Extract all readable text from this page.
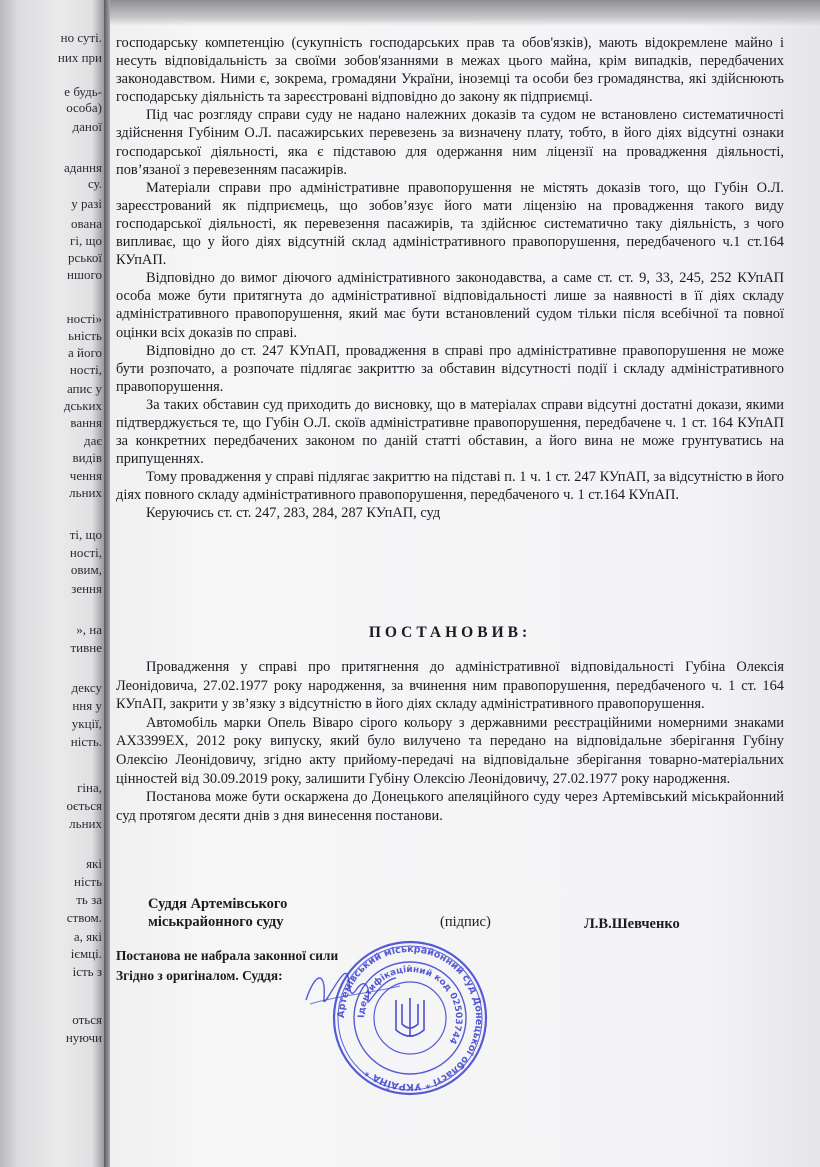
но суті.
них при
е будь-
особа)
даної
адання
су.
у разі
ована
гі, що
рської
ншого
ності»
ьність
а його
ності,
апис у
дських
вання
дає
видів
чення
льних
ті, що
ності,
овим,
зення
», на
тивне
дексу
ння у
укції,
ність.
гіна,
оється
льних
які
ність
ть за
ством.
а, які
іємці.
ість з
оться
нуючи

господарську компетенцію (сукупність господарських прав та обов'язків), мають відокремлене майно і несуть відповідальність за своїми зобов'язаннями в межах цього майна, крім випадків, передбачених законодавством. Ними є, зокрема, громадяни України, іноземці та особи без громадянства, які здійснюють господарську діяльність та зареєстровані відповідно до закону як підприємці.

Під час розгляду справи суду не надано належних доказів та судом не встановлено систематичності здійснення Губіним О.Л. пасажирських перевезень за визначену плату, тобто, в його діях відсутні ознаки господарської діяльності, яка є підставою для одержання ним ліцензії на провадження діяльності, пов’язаної з перевезенням пасажирів.

Матеріали справи про адміністративне правопорушення не містять доказів того, що Губін О.Л. зареєстрований як підприємець, що зобов’язує його мати ліцензію на провадження такого виду господарської діяльності, як перевезення пасажирів, та здійснює систематично таку діяльність, з чого випливає, що у його діях відсутній склад адміністративного правопорушення, передбаченого ч.1 ст.164 КУпАП.

Відповідно до вимог діючого адміністративного законодавства, а саме ст. ст. 9, 33, 245, 252 КУпАП особа може бути притягнута до адміністративної відповідальності лише за наявності в її діях складу адміністративного правопорушення, який має бути встановлений судом тільки після всебічної та повної оцінки всіх доказів по справі.

Відповідно до ст. 247 КУпАП, провадження в справі про адміністративне правопорушення не може бути розпочато, а розпочате підлягає закриттю за обставин відсутності події і складу адміністративного правопорушення.

За таких обставин суд приходить до висновку, що в матеріалах справи відсутні достатні докази, якими підтверджується те, що Губін О.Л. скоїв адміністративне правопорушення, передбачене ч. 1 ст. 164 КУпАП за конкретних передбачених законом по даній статті обставин, а його вина не може грунтуватись на припущеннях.

Тому провадження у справі підлягає закриттю на підставі п. 1 ч. 1 ст. 247 КУпАП, за відсутністю в його діях повного складу адміністративного правопорушення, передбаченого ч. 1 ст.164 КУпАП.

Керуючись ст. ст. 247, 283, 284, 287 КУпАП, суд

ПОСТАНОВИВ:

Провадження у справі про притягнення до адміністративної відповідальності Губіна Олексія Леонідовича, 27.02.1977 року народження, за вчинення ним правопорушення, передбаченого ч. 1 ст. 164 КУпАП, закрити у зв’язку з відсутністю в його діях складу адміністративного правопорушення.

Автомобіль марки Опель Віваро сірого кольору з державними реєстраційними номерними знаками АХ3399ЕХ, 2012 року випуску, який було вилучено та передано на відповідальне зберігання Губіну Олексію Леонідовичу, згідно акту прийому-передачі на відповідальне зберігання товарно-матеріальних цінностей від 30.09.2019 року, залишити Губіну Олексію Леонідовичу, 27.02.1977 року народження.

Постанова може бути оскаржена до Донецького апеляційного суду через Артемівський міськрайонний суд протягом десяти днів з дня винесення постанови.

Суддя Артемівського
міськрайонного суду	(підпис)	Л.В.Шевченко
Постанова не набрала законної сили
Згідно з оригіналом. Суддя:
Артемівський міськрайонний суд Донецької області * УКРАЇНА *
Ідентифікаційний код 02503744
